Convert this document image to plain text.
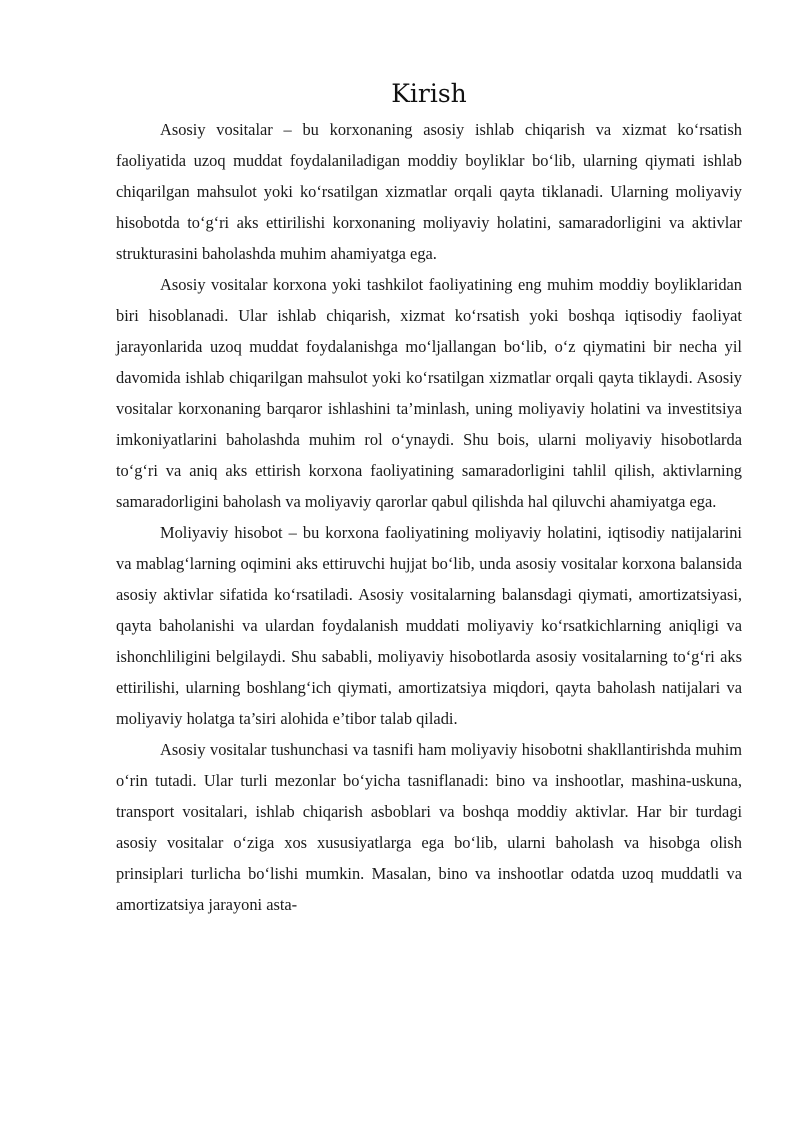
Kirish

Asosiy vositalar – bu korxonaning asosiy ishlab chiqarish va xizmat ko‘rsatish faoliyatida uzoq muddat foydalaniladigan moddiy boyliklar bo‘lib, ularning qiymati ishlab chiqarilgan mahsulot yoki ko‘rsatilgan xizmatlar orqali qayta tiklanadi. Ularning moliyaviy hisobotda to‘g‘ri aks ettirilishi korxonaning moliyaviy holatini, samaradorligini va aktivlar strukturasini baholashda muhim ahamiyatga ega.

Asosiy vositalar korxona yoki tashkilot faoliyatining eng muhim moddiy boyliklaridan biri hisoblanadi. Ular ishlab chiqarish, xizmat ko‘rsatish yoki boshqa iqtisodiy faoliyat jarayonlarida uzoq muddat foydalanishga mo‘ljallangan bo‘lib, o‘z qiymatini bir necha yil davomida ishlab chiqarilgan mahsulot yoki ko‘rsatilgan xizmatlar orqali qayta tiklaydi. Asosiy vositalar korxonaning barqaror ishlashini ta’minlash, uning moliyaviy holatini va investitsiya imkoniyatlarini baholashda muhim rol o‘ynaydi. Shu bois, ularni moliyaviy hisobotlarda to‘g‘ri va aniq aks ettirish korxona faoliyatining samaradorligini tahlil qilish, aktivlarning samaradorligini baholash va moliyaviy qarorlar qabul qilishda hal qiluvchi ahamiyatga ega.

Moliyaviy hisobot – bu korxona faoliyatining moliyaviy holatini, iqtisodiy natijalarini va mablag‘larning oqimini aks ettiruvchi hujjat bo‘lib, unda asosiy vositalar korxona balansida asosiy aktivlar sifatida ko‘rsatiladi. Asosiy vositalarning balansdagi qiymati, amortizatsiyasi, qayta baholanishi va ulardan foydalanish muddati moliyaviy ko‘rsatkichlarning aniqligi va ishonchliligini belgilaydi. Shu sababli, moliyaviy hisobotlarda asosiy vositalarning to‘g‘ri aks ettirilishi, ularning boshlang‘ich qiymati, amortizatsiya miqdori, qayta baholash natijalari va moliyaviy holatga ta’siri alohida e’tibor talab qiladi.

Asosiy vositalar tushunchasi va tasnifi ham moliyaviy hisobotni shakllantirishda muhim o‘rin tutadi. Ular turli mezonlar bo‘yicha tasniflanadi: bino va inshootlar, mashina-uskuna, transport vositalari, ishlab chiqarish asboblari va boshqa moddiy aktivlar. Har bir turdagi asosiy vositalar o‘ziga xos xususiyatlarga ega bo‘lib, ularni baholash va hisobga olish prinsiplari turlicha bo‘lishi mumkin. Masalan, bino va inshootlar odatda uzoq muddatli va amortizatsiya jarayoni asta-
